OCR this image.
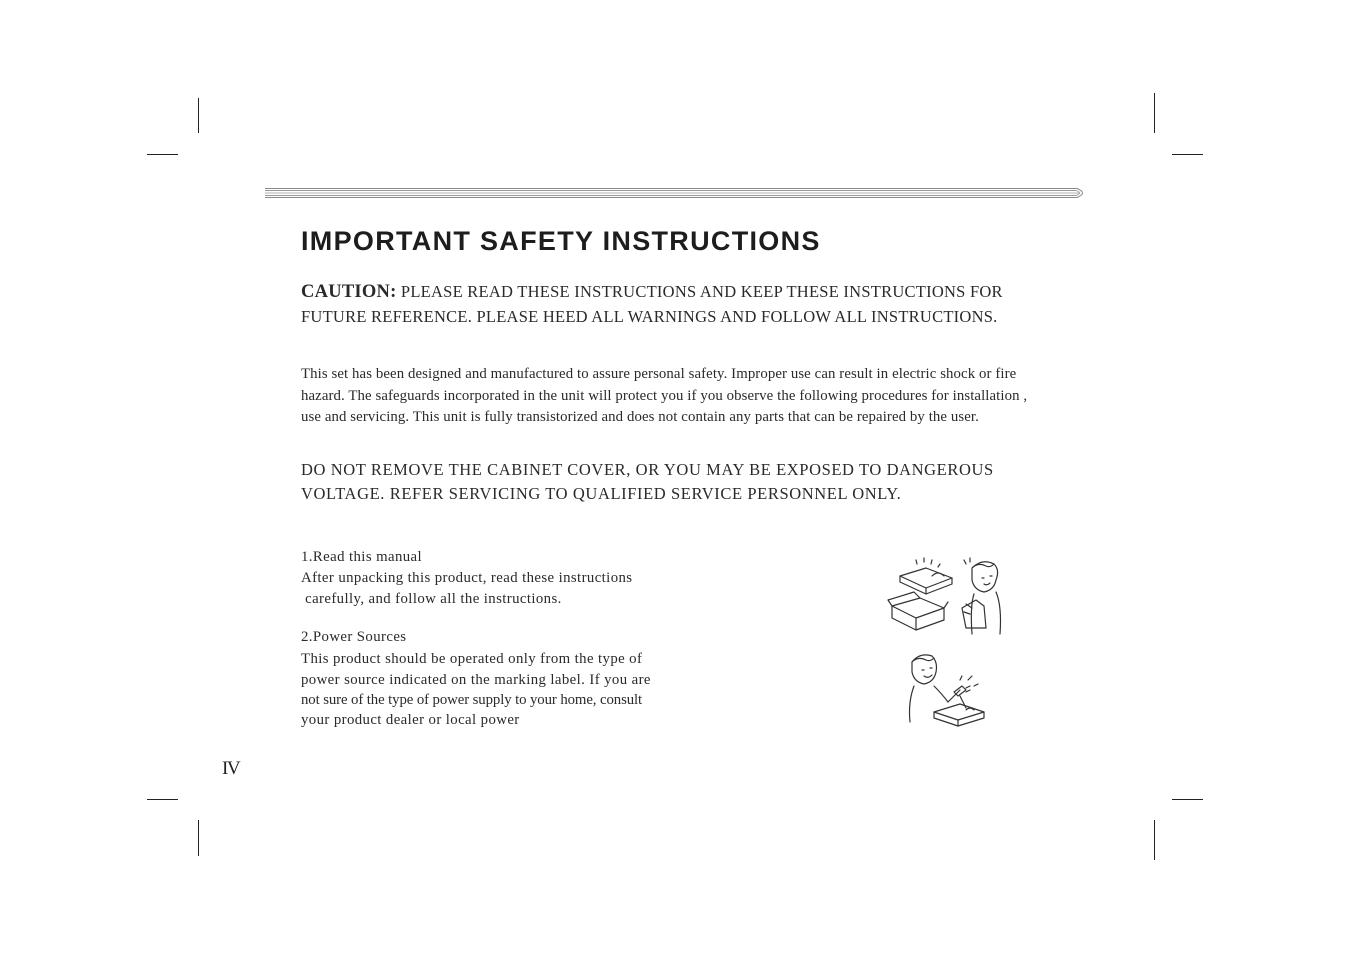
IMPORTANT SAFETY INSTRUCTIONS

CAUTION: PLEASE READ THESE INSTRUCTIONS AND KEEP THESE INSTRUCTIONS FOR FUTURE REFERENCE. PLEASE HEED ALL WARNINGS AND FOLLOW ALL INSTRUCTIONS.

This set has been designed and manufactured to assure personal safety. Improper use can result in electric shock or fire hazard. The safeguards incorporated in the unit will protect you if you observe the following procedures for installation , use and servicing. This unit is fully transistorized and does not contain any parts that can be repaired by the user.

DO NOT REMOVE THE CABINET COVER, OR YOU MAY BE EXPOSED TO DANGEROUS VOLTAGE. REFER SERVICING TO QUALIFIED SERVICE PERSONNEL ONLY.

1.Read this manual
After unpacking this product, read these instructions
carefully, and follow all the instructions.
2.Power Sources
This product should be operated only from the type of
power source indicated on the marking label. If you are
not sure of the type of power supply to your home, consult
your product dealer or local power
IV
